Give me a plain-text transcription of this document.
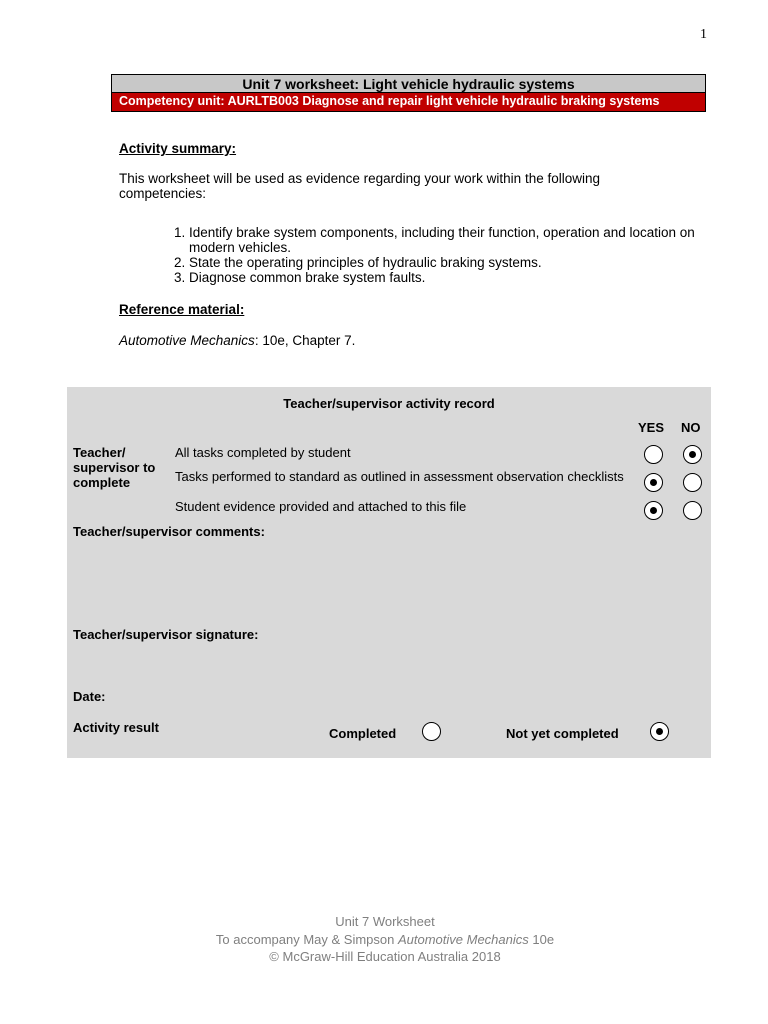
1
Unit 7 worksheet: Light vehicle hydraulic systems
Competency unit: AURLTB003 Diagnose and repair light vehicle hydraulic braking systems
Activity summary:
This worksheet will be used as evidence regarding your work within the following competencies:
1. Identify brake system components, including their function, operation and location on modern vehicles.
2. State the operating principles of hydraulic braking systems.
3. Diagnose common brake system faults.
Reference material:
Automotive Mechanics: 10e, Chapter 7.
Teacher/supervisor activity record
YES NO
Teacher/ supervisor to complete
All tasks completed by student
Tasks performed to standard as outlined in assessment observation checklists
Student evidence provided and attached to this file
Teacher/supervisor comments:
Teacher/supervisor signature:
Date:
Activity result	Completed	Not yet completed
Unit 7 Worksheet
To accompany May & Simpson Automotive Mechanics 10e
© McGraw-Hill Education Australia 2018
